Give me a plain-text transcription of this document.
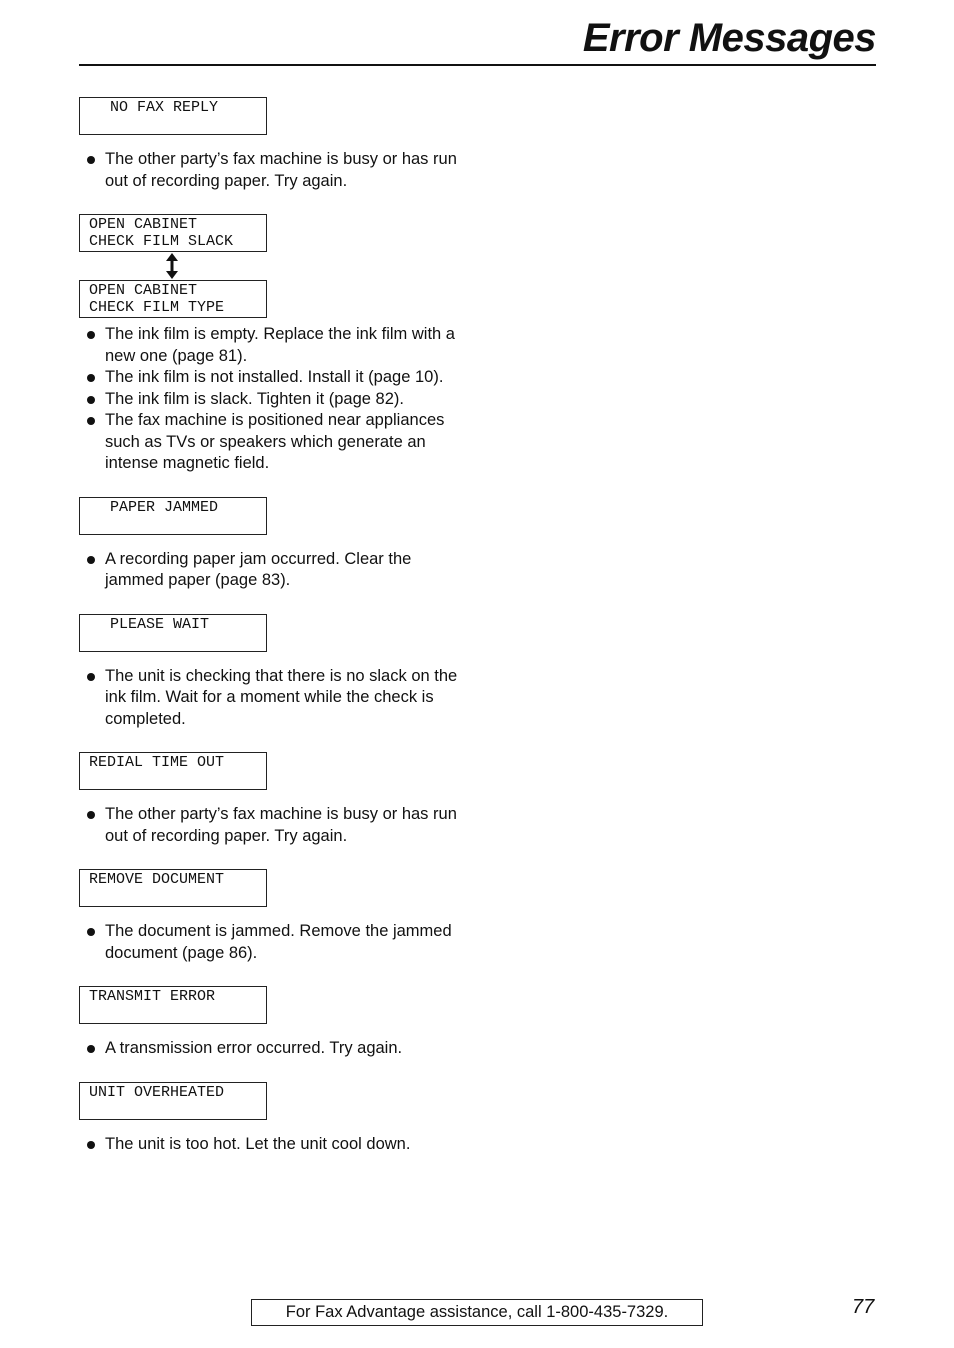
Error Messages
NO FAX REPLY
The other party’s fax machine is busy or has run out of recording paper. Try again.
OPEN CABINET
CHECK FILM SLACK
OPEN CABINET
CHECK FILM TYPE
The ink film is empty. Replace the ink film with a new one (page 81).
The ink film is not installed. Install it (page 10).
The ink film is slack. Tighten it (page 82).
The fax machine is positioned near appliances such as TVs or speakers which generate an intense magnetic field.
PAPER JAMMED
A recording paper jam occurred. Clear the jammed paper (page 83).
PLEASE WAIT
The unit is checking that there is no slack on the ink film. Wait for a moment while the check is completed.
REDIAL TIME OUT
The other party’s fax machine is busy or has run out of recording paper. Try again.
REMOVE DOCUMENT
The document is jammed. Remove the jammed document (page 86).
TRANSMIT ERROR
A transmission error occurred. Try again.
UNIT OVERHEATED
The unit is too hot. Let the unit cool down.
For Fax Advantage assistance, call 1-800-435-7329.	77
